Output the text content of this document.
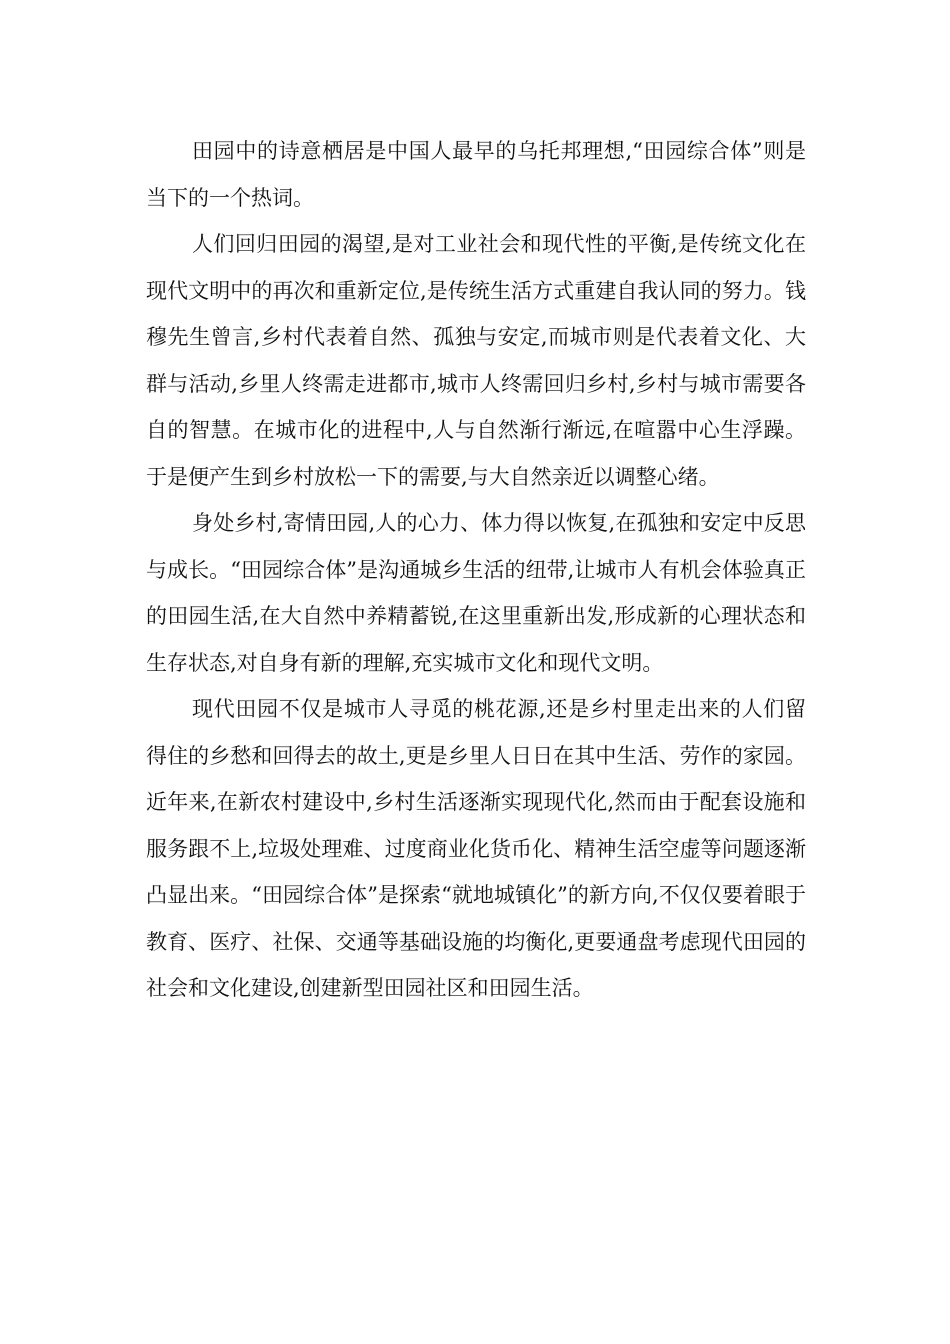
田园中的诗意栖居是中国人最早的乌托邦理想,“田园综合体”则是当下的一个热词。

人们回归田园的渴望,是对工业社会和现代性的平衡,是传统文化在现代文明中的再次和重新定位,是传统生活方式重建自我认同的努力。钱穆先生曾言,乡村代表着自然、孤独与安定,而城市则是代表着文化、大群与活动,乡里人终需走进都市,城市人终需回归乡村,乡村与城市需要各自的智慧。在城市化的进程中,人与自然渐行渐远,在喧嚣中心生浮躁。于是便产生到乡村放松一下的需要,与大自然亲近以调整心绪。

身处乡村,寄情田园,人的心力、体力得以恢复,在孤独和安定中反思与成长。“田园综合体”是沟通城乡生活的纽带,让城市人有机会体验真正的田园生活,在大自然中养精蓄锐,在这里重新出发,形成新的心理状态和生存状态,对自身有新的理解,充实城市文化和现代文明。

现代田园不仅是城市人寻觅的桃花源,还是乡村里走出来的人们留得住的乡愁和回得去的故土,更是乡里人日日在其中生活、劳作的家园。近年来,在新农村建设中,乡村生活逐渐实现现代化,然而由于配套设施和服务跟不上,垃圾处理难、过度商业化货币化、精神生活空虚等问题逐渐凸显出来。“田园综合体”是探索“就地城镇化”的新方向,不仅仅要着眼于教育、医疗、社保、交通等基础设施的均衡化,更要通盘考虑现代田园的社会和文化建设,创建新型田园社区和田园生活。
